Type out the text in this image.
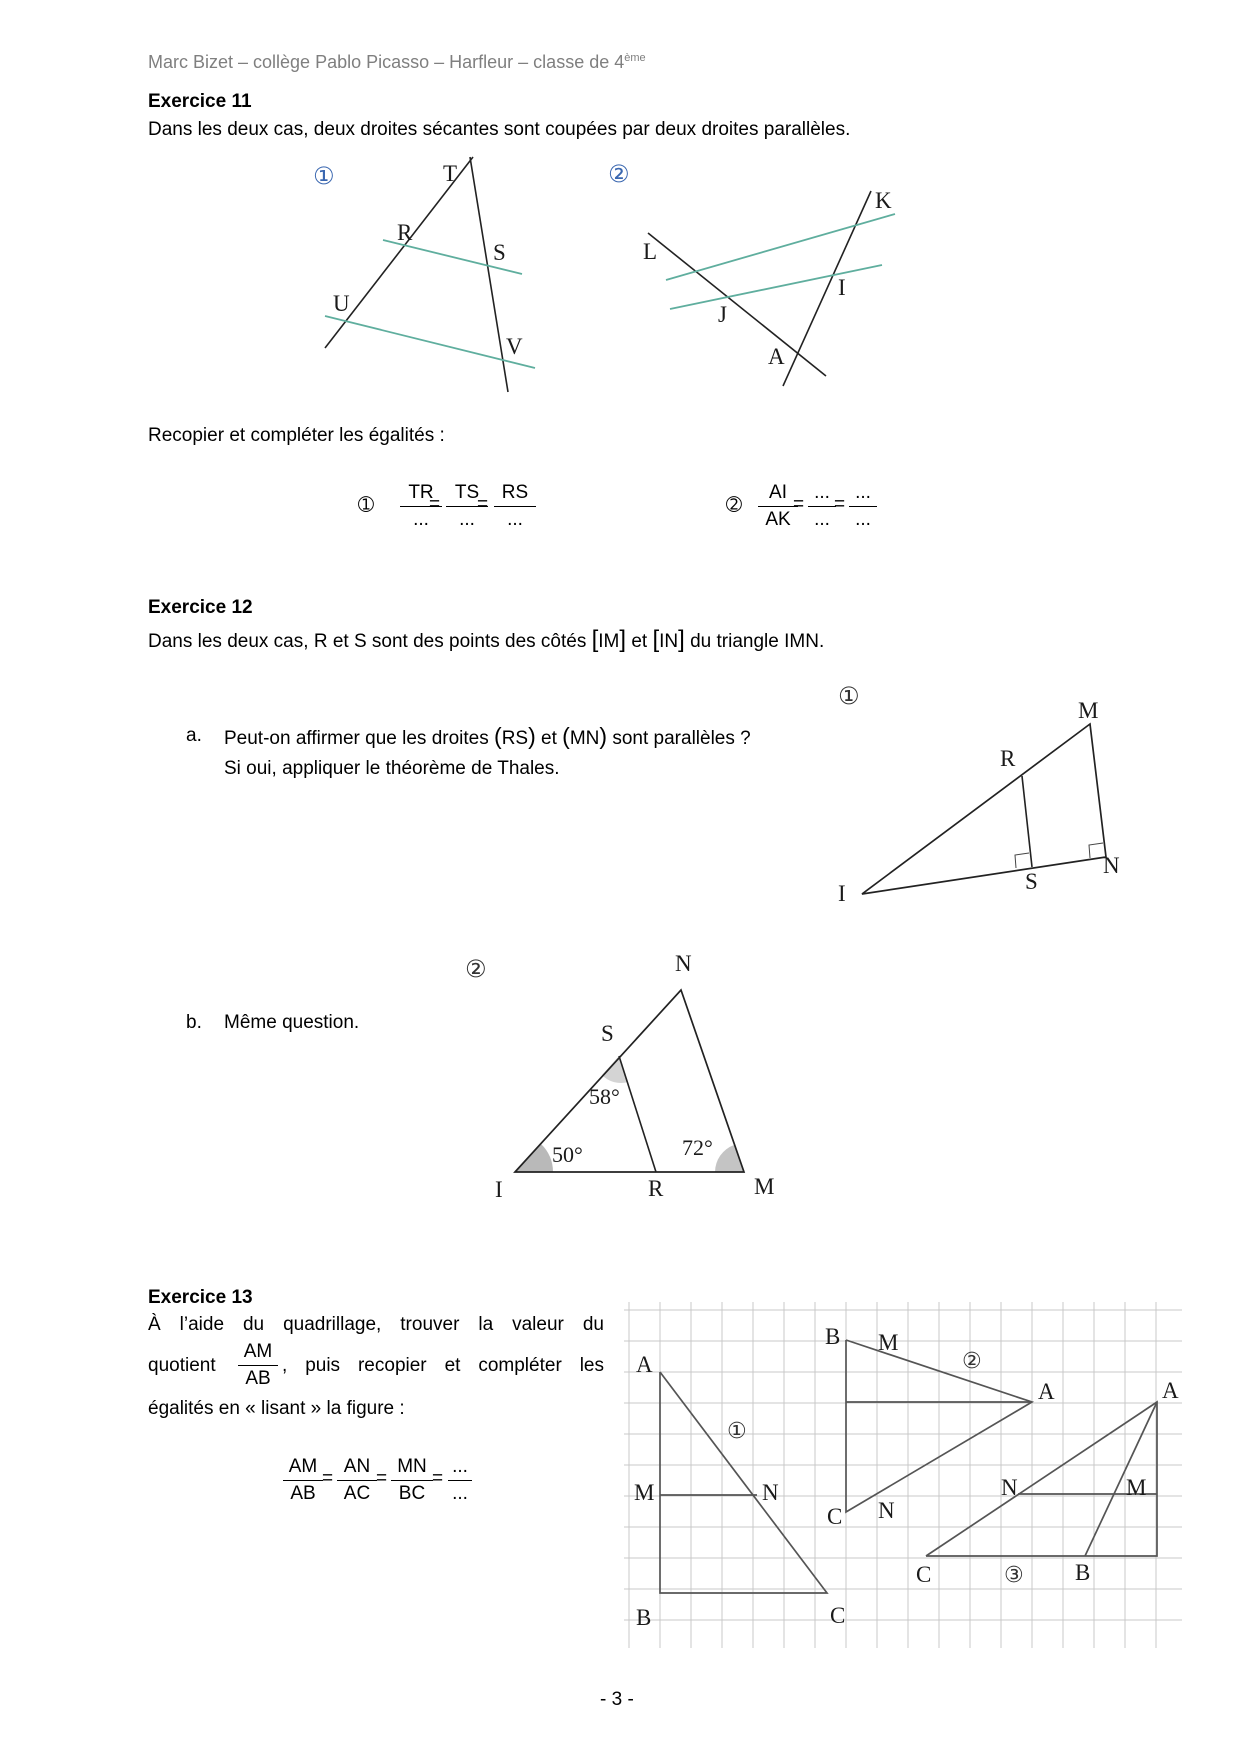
Marc Bizet – collège Pablo Picasso – Harfleur – classe de 4ème
Exercice 11
Dans les deux cas, deux droites sécantes sont coupées par deux droites parallèles.
①	T
R
S
U
V
②
K
L
I
J
A
Recopier et compléter les égalités :
➀
TR
...
=
TS
...
=
RS
...
➁ $\frac{AI}{AK}$
=
...
...
=
...
...
Exercice 12
Dans les deux cas, R et S sont des points des côtés [IM] et [IN] du triangle IMN.
a. Peut-on affirmer que les droites (RS) et (MN) sont parallèles ?
Si oui, appliquer le théorème de Thales.
b. Même question.
①
M
R
N
S
I
②	N
S
I	R	M
58°
50°	72°
Exercice 13
À l’aide du quadrillage, trouver la valeur du
quotient $\frac{AM}{AB}$ , puis recopier et compléter les
égalités en « lisant » la figure :
$\frac{AM}{AB} = \frac{AN}{AC} = \frac{MN}{BC}$ =
...
...
①
A
M	N
B	C
②
B M
A
C N
③
A
N	M
C	B
- 3 -
